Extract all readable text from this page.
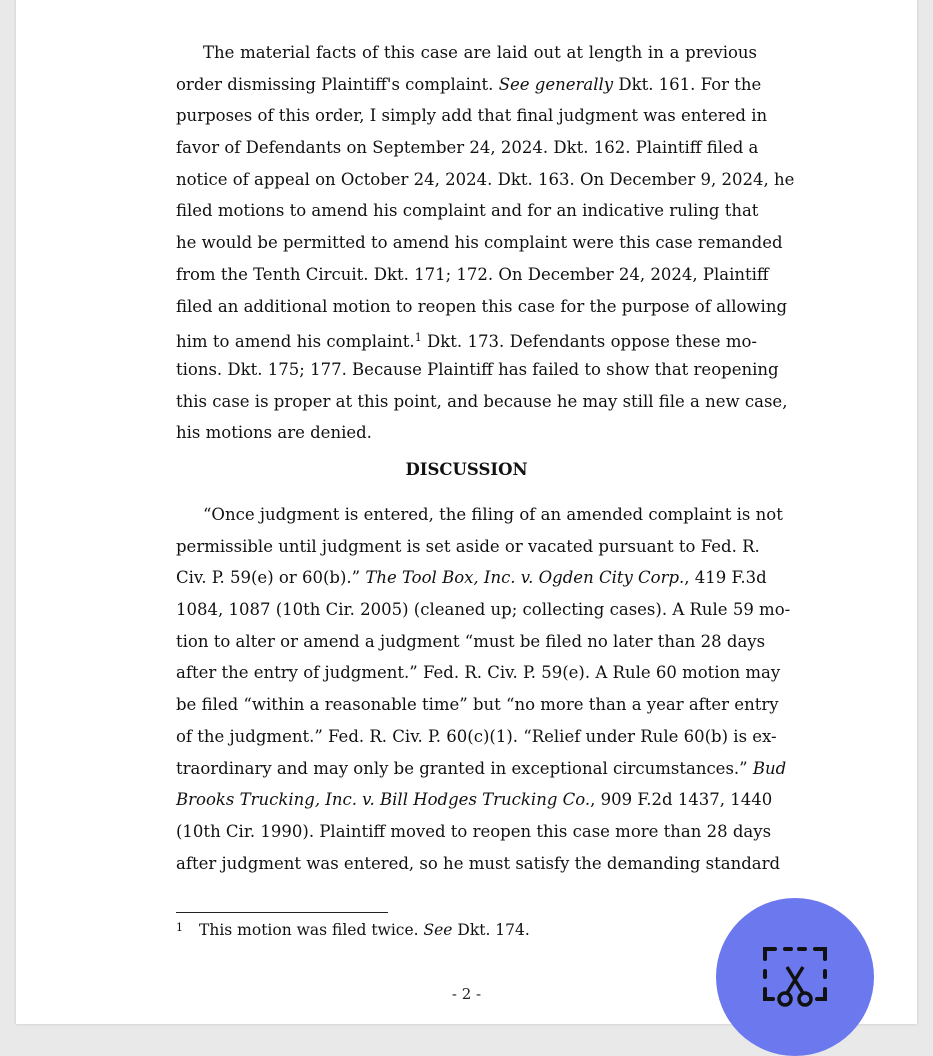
The material facts of this case are laid out at length in a previous
order dismissing Plaintiff's complaint. See generally Dkt. 161. For the
purposes of this order, I simply add that final judgment was entered in
favor of Defendants on September 24, 2024. Dkt. 162. Plaintiff filed a
notice of appeal on October 24, 2024. Dkt. 163. On December 9, 2024, he
filed motions to amend his complaint and for an indicative ruling that
he would be permitted to amend his complaint were this case remanded
from the Tenth Circuit. Dkt. 171; 172. On December 24, 2024, Plaintiff
filed an additional motion to reopen this case for the purpose of allowing
him to amend his complaint.$^1$ Dkt. 173. Defendants oppose these mo-
tions. Dkt. 175; 177. Because Plaintiff has failed to show that reopening
this case is proper at this point, and because he may still file a new case,
his motions are denied.
DISCUSSION
“Once judgment is entered, the filing of an amended complaint is not
permissible until judgment is set aside or vacated pursuant to Fed. R.
Civ. P. 59(e) or 60(b).” The Tool Box, Inc. v. Ogden City Corp., 419 F.3d
1084, 1087 (10th Cir. 2005) (cleaned up; collecting cases). A Rule 59 mo-
tion to alter or amend a judgment “must be filed no later than 28 days
after the entry of judgment.” Fed. R. Civ. P. 59(e). A Rule 60 motion may
be filed “within a reasonable time” but “no more than a year after entry
of the judgment.” Fed. R. Civ. P. 60(c)(1). “Relief under Rule 60(b) is ex-
traordinary and may only be granted in exceptional circumstances.” Bud
Brooks Trucking, Inc. v. Bill Hodges Trucking Co., 909 F.2d 1437, 1440
(10th Cir. 1990). Plaintiff moved to reopen this case more than 28 days
after judgment was entered, so he must satisfy the demanding standard
$^1$ This motion was filed twice. See Dkt. 174.
- 2 -
